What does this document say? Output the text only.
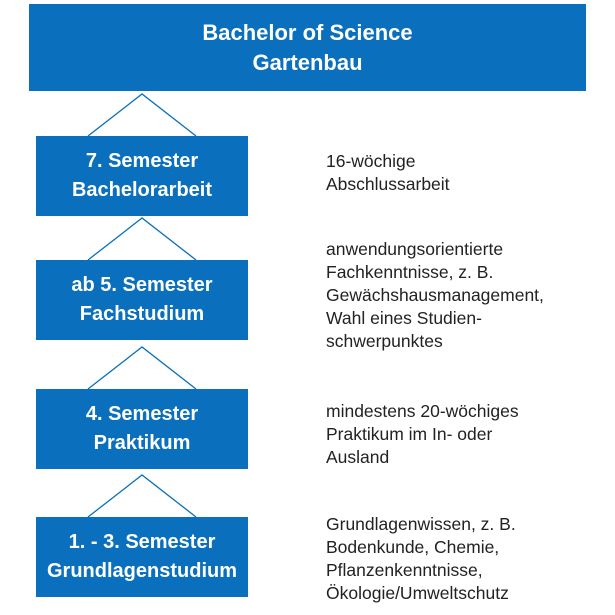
Bachelor of Science
Gartenbau
7. Semester
Bachelorarbeit
16-wöchige
Abschlussarbeit
ab 5. Semester
Fachstudium
anwendungsorientierte
Fachkenntnisse, z. B.
Gewächshausmanagement,
Wahl eines Studien-
schwerpunktes
4. Semester
Praktikum
mindestens 20-wöchiges
Praktikum im In- oder
Ausland
1. - 3. Semester
Grundlagenstudium
Grundlagenwissen, z. B.
Bodenkunde, Chemie,
Pflanzenkenntnisse,
Ökologie/Umweltschutz
